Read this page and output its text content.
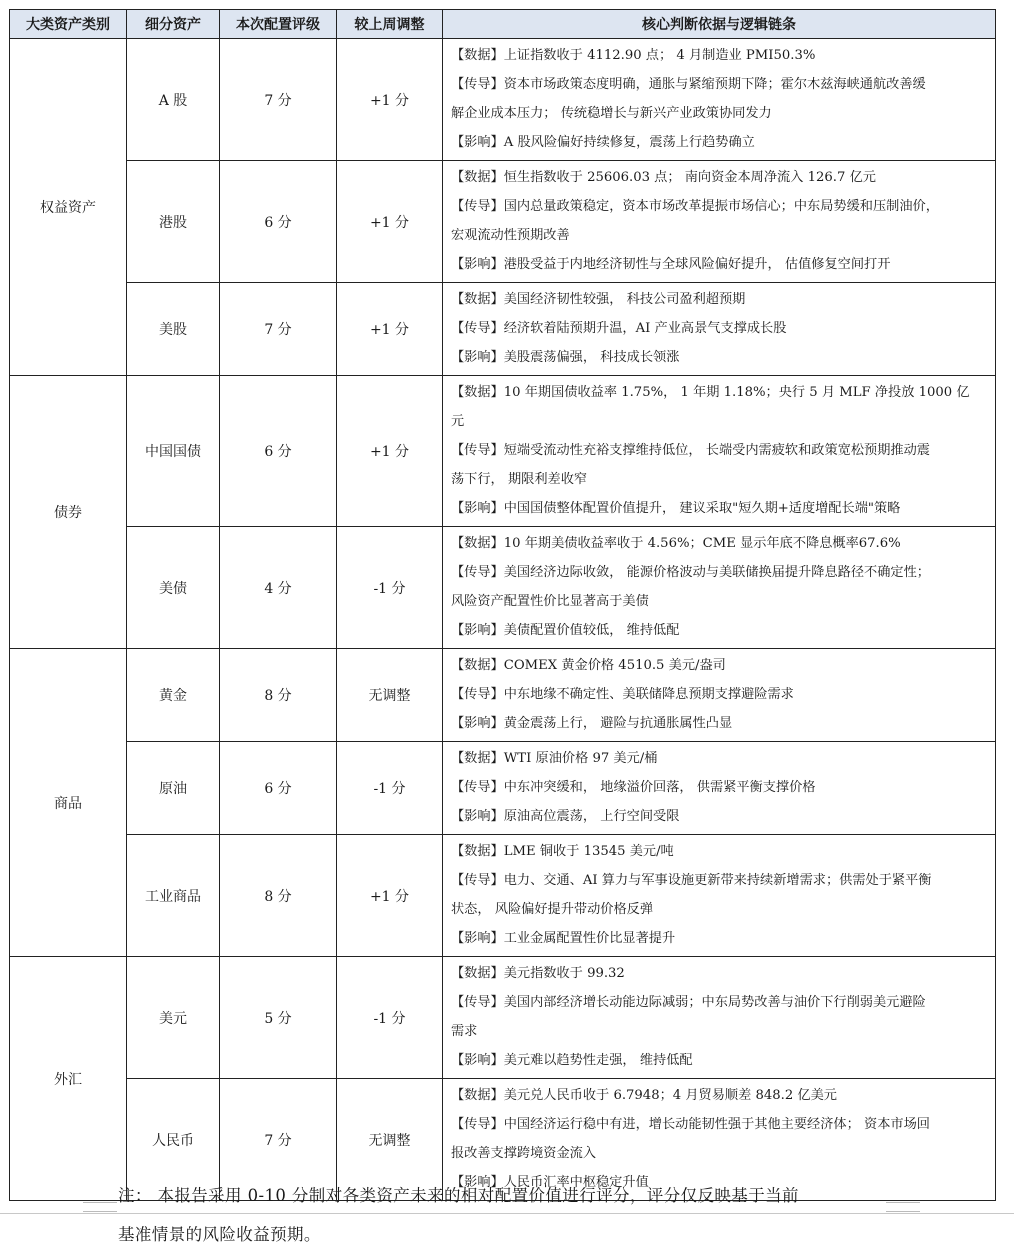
大类资产类别	细分资产	本次配置评级	较上周调整	核心判断依据与逻辑链条
权益资产	A 股	7 分	+1 分	【数据】上证指数收于 4112.90 点； 4 月制造业 PMI50.3%
【传导】资本市场政策态度明确，通胀与紧缩预期下降；霍尔木兹海峡通航改善缓
解企业成本压力； 传统稳增长与新兴产业政策协同发力
【影响】A 股风险偏好持续修复，震荡上行趋势确立

	港股	6 分	+1 分	【数据】恒生指数收于 25606.03 点； 南向资金本周净流入 126.7 亿元
【传导】国内总量政策稳定，资本市场改革提振市场信心；中东局势缓和压制油价，
宏观流动性预期改善
【影响】港股受益于内地经济韧性与全球风险偏好提升， 估值修复空间打开

	美股	7 分	+1 分	【数据】美国经济韧性较强， 科技公司盈利超预期
【传导】经济软着陆预期升温，AI 产业高景气支撑成长股
【影响】美股震荡偏强， 科技成长领涨

债券	中国国债	6 分	+1 分	【数据】10 年期国债收益率 1.75%， 1 年期 1.18%；央行 5 月 MLF 净投放 1000 亿
元
【传导】短端受流动性充裕支撑维持低位， 长端受内需疲软和政策宽松预期推动震
荡下行， 期限利差收窄
【影响】中国国债整体配置价值提升， 建议采取"短久期+适度增配长端"策略

	美债	4 分	-1 分	【数据】10 年期美债收益率收于 4.56%；CME 显示年底不降息概率67.6%
【传导】美国经济边际收敛， 能源价格波动与美联储换届提升降息路径不确定性；
风险资产配置性价比显著高于美债
【影响】美债配置价值较低， 维持低配

商品	黄金	8 分	无调整	【数据】COMEX 黄金价格 4510.5 美元/盎司
【传导】中东地缘不确定性、美联储降息预期支撑避险需求
【影响】黄金震荡上行， 避险与抗通胀属性凸显

	原油	6 分	-1 分	【数据】WTI 原油价格 97 美元/桶
【传导】中东冲突缓和， 地缘溢价回落， 供需紧平衡支撑价格
【影响】原油高位震荡， 上行空间受限

	工业商品	8 分	+1 分	【数据】LME 铜收于 13545 美元/吨
【传导】电力、交通、AI 算力与军事设施更新带来持续新增需求；供需处于紧平衡
状态， 风险偏好提升带动价格反弹
【影响】工业金属配置性价比显著提升

外汇	美元	5 分	-1 分	【数据】美元指数收于 99.32
【传导】美国内部经济增长动能边际减弱；中东局势改善与油价下行削弱美元避险
需求
【影响】美元难以趋势性走强， 维持低配

	人民币	7 分	无调整	【数据】美元兑人民币收于 6.7948；4 月贸易顺差 848.2 亿美元
【传导】中国经济运行稳中有进，增长动能韧性强于其他主要经济体； 资本市场回
报改善支撑跨境资金流入
【影响】人民币汇率中枢稳定升值
注： 本报告采用 0-10 分制对各类资产未来的相对配置价值进行评分，评分仅反映基于当前
基准情景的风险收益预期。
